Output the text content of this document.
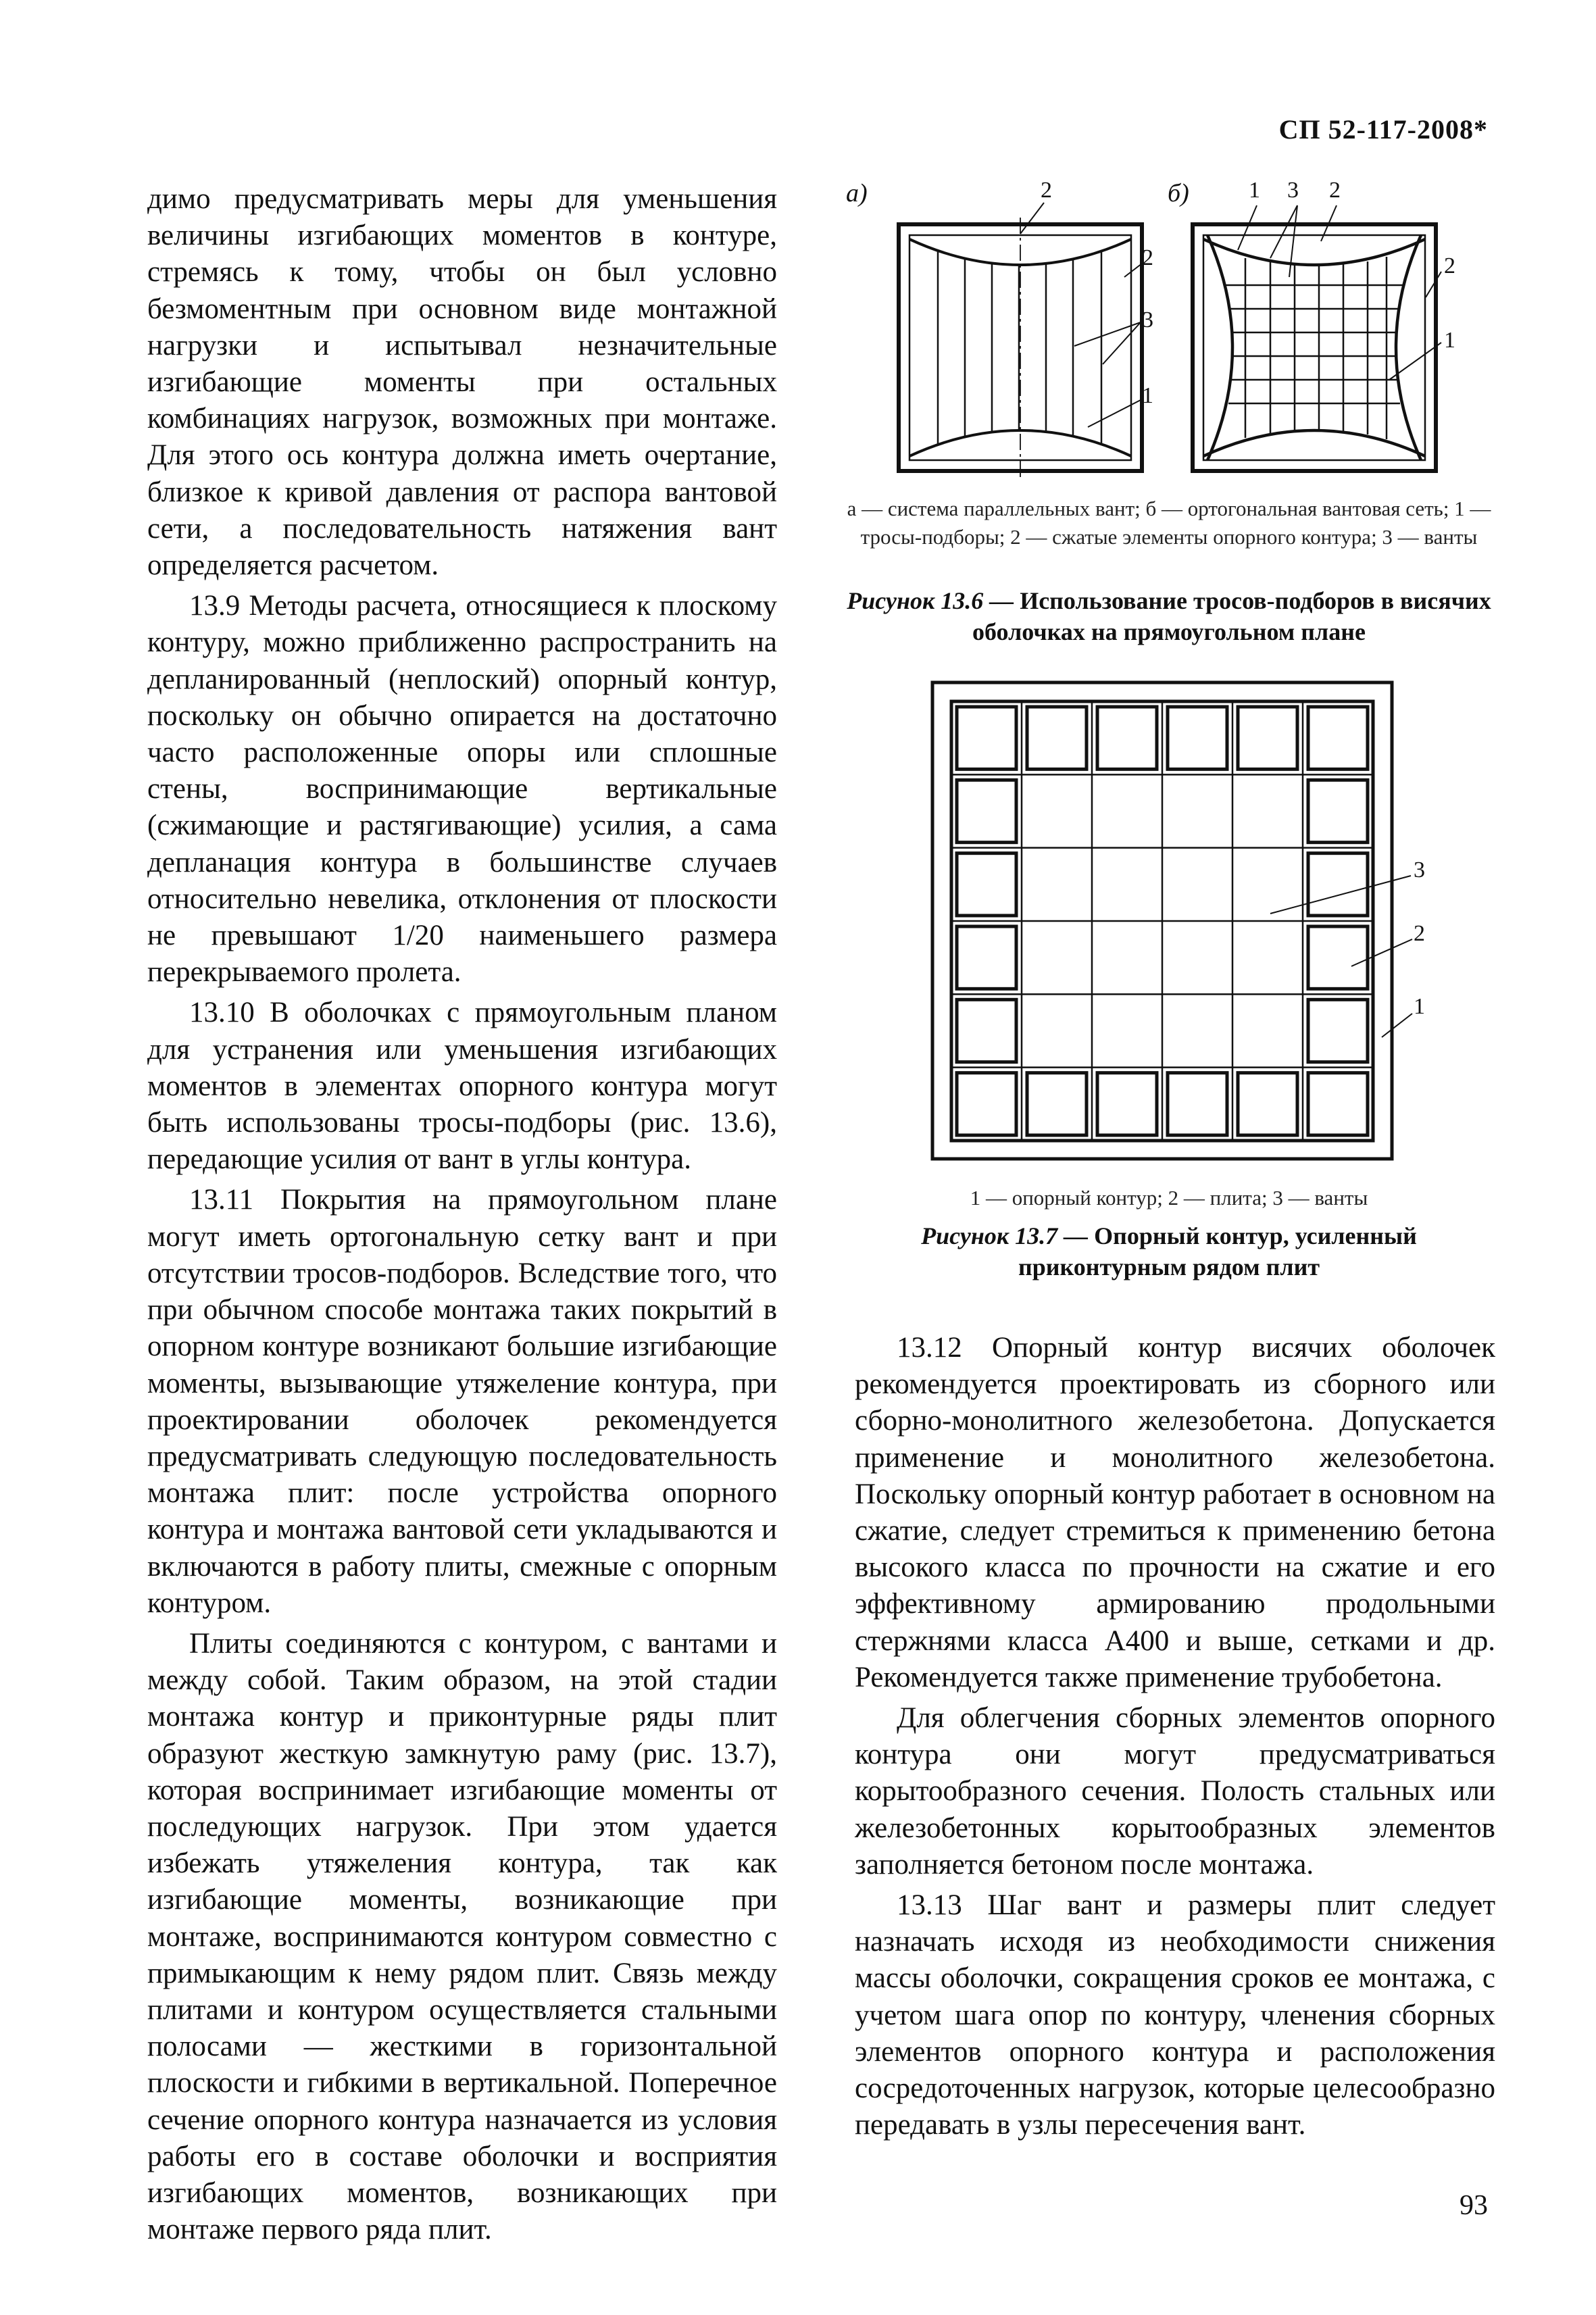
СП 52-117-2008*

димо предусматривать меры для уменьшения величины изгибающих моментов в контуре, стремясь к тому, чтобы он был условно безмоментным при основном виде монтажной нагрузки и испытывал незначительные изгибающие моменты при остальных комбинациях нагрузок, возможных при монтаже. Для этого ось контура должна иметь очертание, близкое к кривой давления от распора вантовой сети, а последовательность натяжения вант определяется расчетом.

13.9 Методы расчета, относящиеся к плоскому контуру, можно приближенно распространить на депланированный (неплоский) опорный контур, поскольку он обычно опирается на достаточно часто расположенные опоры или сплошные стены, воспринимающие вертикальные (сжимающие и растягивающие) усилия, а сама депланация контура в большинстве случаев относительно невелика, отклонения от плоскости не превышают 1/20 наименьшего размера перекрываемого пролета.

13.10 В оболочках с прямоугольным планом для устранения или уменьшения изгибающих моментов в элементах опорного контура могут быть использованы тросы-подборы (рис. 13.6), передающие усилия от вант в углы контура.

13.11 Покрытия на прямоугольном плане могут иметь ортогональную сетку вант и при отсутствии тросов-подборов. Вследствие того, что при обычном способе монтажа таких покрытий в опорном контуре возникают большие изгибающие моменты, вызывающие утяжеление контура, при проектировании оболочек рекомендуется предусматривать следующую последовательность монтажа плит: после устройства опорного контура и монтажа вантовой сети укладываются и включаются в работу плиты, смежные с опорным контуром.

Плиты соединяются с контуром, с вантами и между собой. Таким образом, на этой стадии монтажа контур и приконтурные ряды плит образуют жесткую замкнутую раму (рис. 13.7), которая воспринимает изгибающие моменты от последующих нагрузок. При этом удается избежать утяжеления контура, так как изгибающие моменты, возникающие при монтаже, воспринимаются контуром совместно с примыкающим к нему рядом плит. Связь между плитами и контуром осуществляется стальными полосами — жесткими в горизонтальной плоскости и гибкими в вертикальной. Поперечное сечение опорного контура назначается из условия работы его в составе оболочки и восприятия изгибающих моментов, возникающих при монтаже первого ряда плит.

а)	2
2
3
1
б)	1 3 2
2
1
а — система параллельных вант; б — ортогональная вантовая сеть; 1 — тросы-подборы; 2 — сжатые элементы опорного контура; 3 — ванты
Рисунок 13.6 — Использование тросов-подборов в висячих оболочках на прямоугольном плане
3
2
1
1 — опорный контур; 2 — плита; 3 — ванты
Рисунок 13.7 — Опорный контур, усиленный приконтурным рядом плит

13.12 Опорный контур висячих оболочек рекомендуется проектировать из сборного или сборно-монолитного железобетона. Допускается применение и монолитного железобетона. Поскольку опорный контур работает в основном на сжатие, следует стремиться к применению бетона высокого класса по прочности на сжатие и его эффективному армированию продольными стержнями класса А400 и выше, сетками и др. Рекомендуется также применение трубобетона.

Для облегчения сборных элементов опорного контура они могут предусматриваться корытообразного сечения. Полость стальных или железобетонных корытообразных элементов заполняется бетоном после монтажа.

13.13 Шаг вант и размеры плит следует назначать исходя из необходимости снижения массы оболочки, сокращения сроков ее монтажа, с учетом шага опор по контуру, членения сборных элементов опорного контура и расположения сосредоточенных нагрузок, которые целесообразно передавать в узлы пересечения вант.

93
